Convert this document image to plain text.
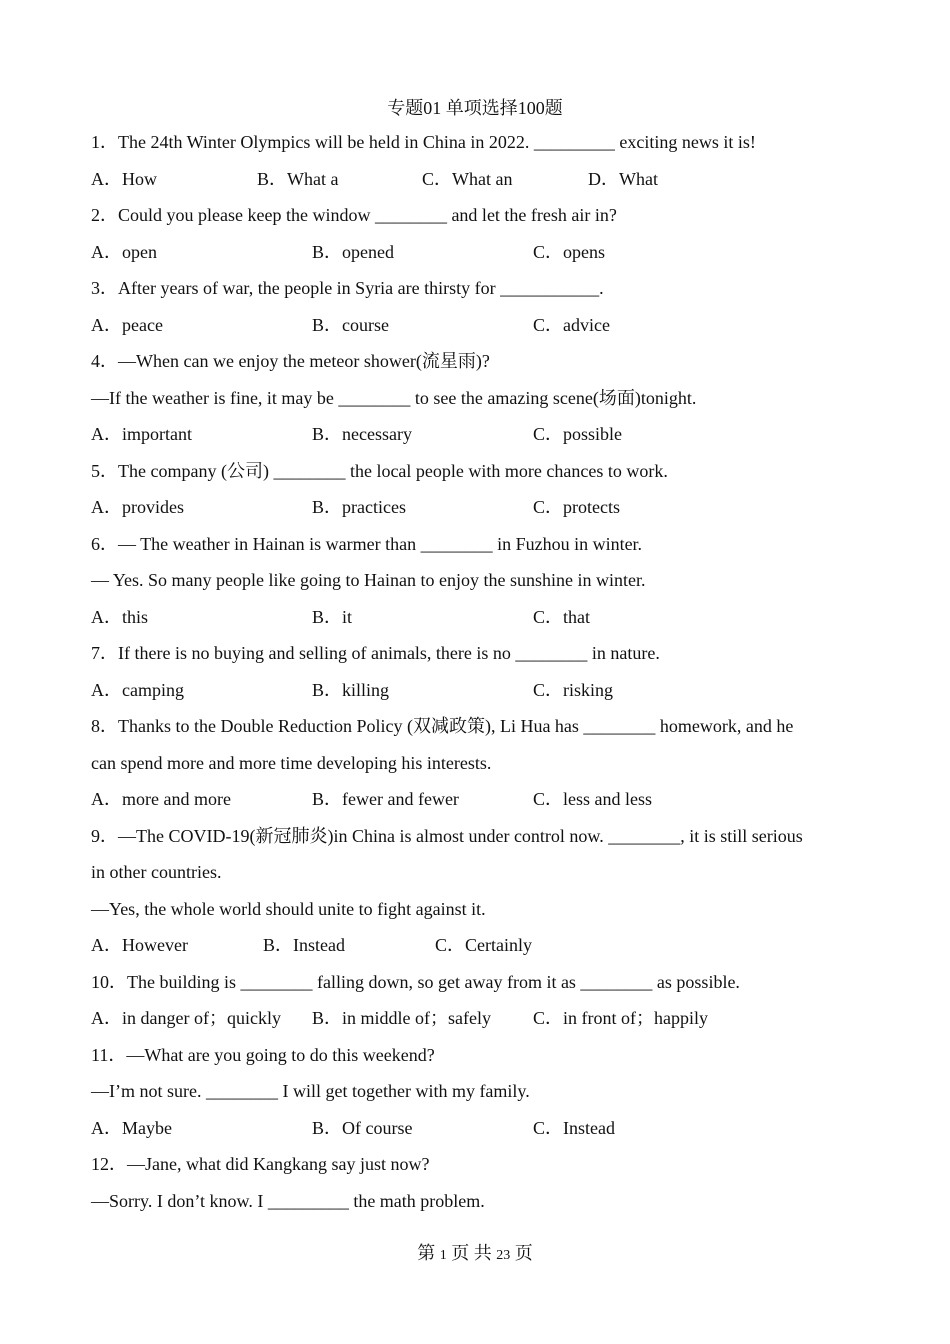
专题01 单项选择100题
1．The 24th Winter Olympics will be held in China in 2022. _________ exciting news it is!
A．How	B．What a	C．What an	D．What
2．Could you please keep the window ________ and let the fresh air in?
A．open	B．opened	C．opens
3．After years of war, the people in Syria are thirsty for ___________.
A．peace	B．course	C．advice
4．—When can we enjoy the meteor shower(流星雨)?
—If the weather is fine, it may be ________ to see the amazing scene(场面)tonight.
A．important	B．necessary	C．possible
5．The company (公司) ________ the local people with more chances to work.
A．provides	B．practices	C．protects
6．— The weather in Hainan is warmer than ________ in Fuzhou in winter.
— Yes. So many people like going to Hainan to enjoy the sunshine in winter.
A．this	B．it	C．that
7．If there is no buying and selling of animals, there is no ________ in nature.
A．camping	B．killing	C．risking
8．Thanks to the Double Reduction Policy (双减政策), Li Hua has ________ homework, and he
can spend more and more time developing his interests.
A．more and more	B．fewer and fewer	C．less and less
9．—The COVID-19(新冠肺炎)in China is almost under control now. ________, it is still serious
in other countries.
—Yes, the whole world should unite to fight against it.
A．However	B．Instead	C．Certainly
10．The building is ________ falling down, so get away from it as ________ as possible.
A．in danger of；quickly B．in middle of；safely C．in front of；happily
11．—What are you going to do this weekend?
—I’m not sure. ________ I will get together with my family.
A．Maybe	B．Of course	C．Instead
12．—Jane, what did Kangkang say just now?
—Sorry. I don’t know. I _________ the math problem.
第 1 页 共 23 页
